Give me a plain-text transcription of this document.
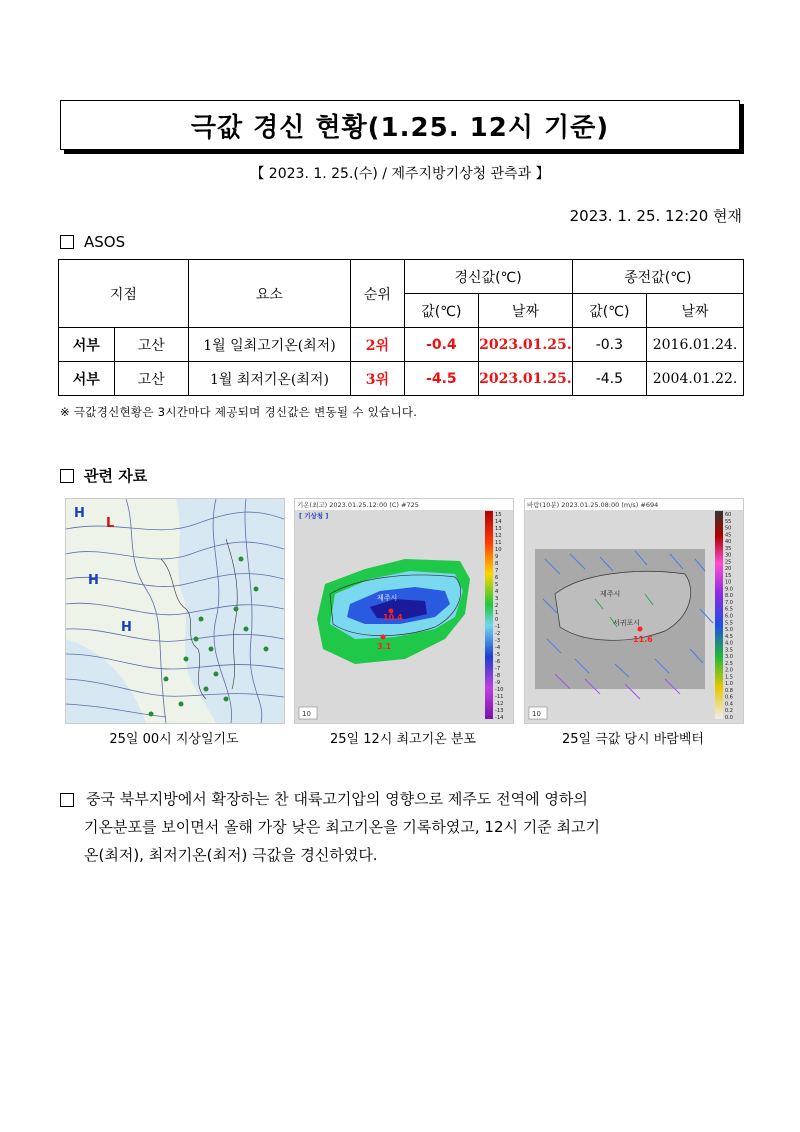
극값 경신 현황(1.25. 12시 기준)
【 2023. 1. 25.(수) / 제주지방기상청 관측과 】
2023. 1. 25. 12:20 현재
ASOS
지점		요소	순위	경신값(℃)		종전값(℃)	
				값(℃)	날짜	값(℃)	날짜
서부	고산	1월 일최고기온(최저)	2위	-0.4	2023.01.25.	-0.3	2016.01.24.
서부	고산	1월 최저기온(최저)	3위	-4.5	2023.01.25.	-4.5	2004.01.22.
※ 극값경신현황은 3시간마다 제공되며 경신값은 변동될 수 있습니다.
관련 자료
H
L
H
H
25일 00시 지상일기도
기온(최고) 2023.01.25.12:00 (C) #725
[ 기상청 ]
제주시
10.4
3.1
10
15
14
13
12
11
10
9
8
7
6
5
4
3
2
1
0
-1
-2
-3
-4
-5
-6
-7
-8
-9
-10
-11
-12
-13
-14
25일 12시 최고기온 분포
바람(10분) 2023.01.25.08:00 (m/s) #694
제주시
서귀포시
11.6
10
60
55
50
45
40
35
30
25
20
15
10
9.0
8.0
7.0
6.5
6.0
5.5
5.0
4.5
4.0
3.5
3.0
2.5
2.0
1.5
1.0
0.8
0.6
0.4
0.2
0.0
25일 극값 당시 바람벡터
중국 북부지방에서 확장하는 찬 대륙고기압의 영향으로 제주도 전역에 영하의
기온분포를 보이면서 올해 가장 낮은 최고기온을 기록하였고, 12시 기준 최고기
온(최저), 최저기온(최저) 극값을 경신하였다.
